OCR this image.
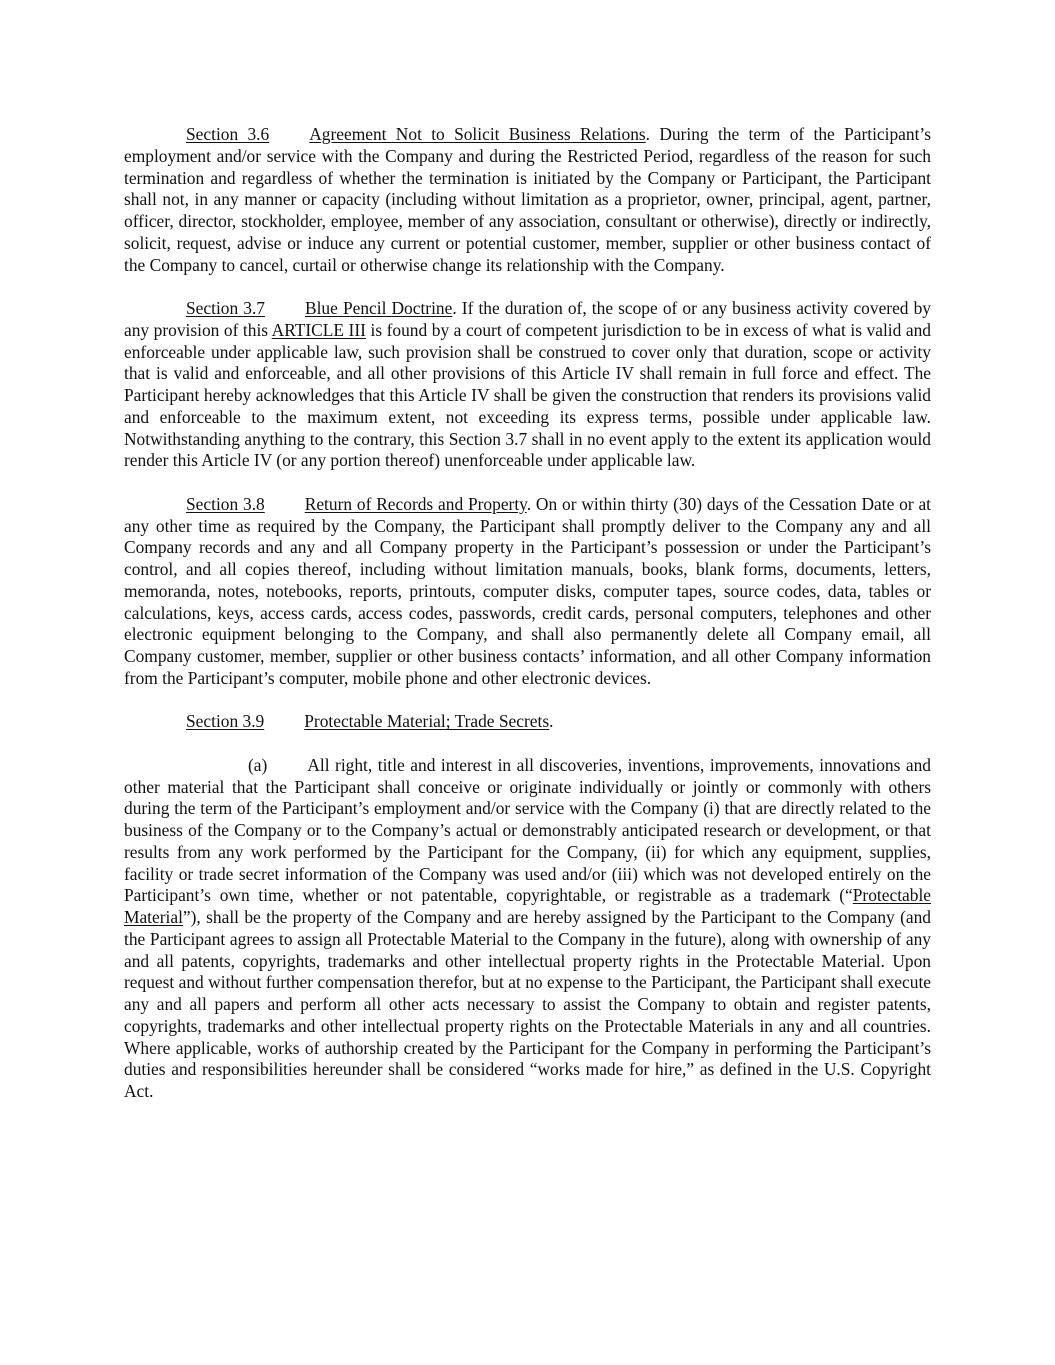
Section 3.6 Agreement Not to Solicit Business Relations. During the term of the Participant’s employment and/or service with the Company and during the Restricted Period, regardless of the reason for such termination and regardless of whether the termination is initiated by the Company or Participant, the Participant shall not, in any manner or capacity (including without limitation as a proprietor, owner, principal, agent, partner, officer, director, stockholder, employee, member of any association, consultant or otherwise), directly or indirectly, solicit, request, advise or induce any current or potential customer, member, supplier or other business contact of the Company to cancel, curtail or otherwise change its relationship with the Company.

Section 3.7 Blue Pencil Doctrine. If the duration of, the scope of or any business activity covered by any provision of this ARTICLE III is found by a court of competent jurisdiction to be in excess of what is valid and enforceable under applicable law, such provision shall be construed to cover only that duration, scope or activity that is valid and enforceable, and all other provisions of this Article IV shall remain in full force and effect. The Participant hereby acknowledges that this Article IV shall be given the construction that renders its provisions valid and enforceable to the maximum extent, not exceeding its express terms, possible under applicable law. Notwithstanding anything to the contrary, this Section 3.7 shall in no event apply to the extent its application would render this Article IV (or any portion thereof) unenforceable under applicable law.

Section 3.8 Return of Records and Property. On or within thirty (30) days of the Cessation Date or at any other time as required by the Company, the Participant shall promptly deliver to the Company any and all Company records and any and all Company property in the Participant’s possession or under the Participant’s control, and all copies thereof, including without limitation manuals, books, blank forms, documents, letters, memoranda, notes, notebooks, reports, printouts, computer disks, computer tapes, source codes, data, tables or calculations, keys, access cards, access codes, passwords, credit cards, personal computers, telephones and other electronic equipment belonging to the Company, and shall also permanently delete all Company email, all Company customer, member, supplier or other business contacts’ information, and all other Company information from the Participant’s computer, mobile phone and other electronic devices.

Section 3.9 Protectable Material; Trade Secrets.

(a) All right, title and interest in all discoveries, inventions, improvements, innovations and other material that the Participant shall conceive or originate individually or jointly or commonly with others during the term of the Participant’s employment and/or service with the Company (i) that are directly related to the business of the Company or to the Company’s actual or demonstrably anticipated research or development, or that results from any work performed by the Participant for the Company, (ii) for which any equipment, supplies, facility or trade secret information of the Company was used and/or (iii) which was not developed entirely on the Participant’s own time, whether or not patentable, copyrightable, or registrable as a trademark (“Protectable Material”), shall be the property of the Company and are hereby assigned by the Participant to the Company (and the Participant agrees to assign all Protectable Material to the Company in the future), along with ownership of any and all patents, copyrights, trademarks and other intellectual property rights in the Protectable Material. Upon request and without further compensation therefor, but at no expense to the Participant, the Participant shall execute any and all papers and perform all other acts necessary to assist the Company to obtain and register patents, copyrights, trademarks and other intellectual property rights on the Protectable Materials in any and all countries. Where applicable, works of authorship created by the Participant for the Company in performing the Participant’s duties and responsibilities hereunder shall be considered “works made for hire,” as defined in the U.S. Copyright Act.
